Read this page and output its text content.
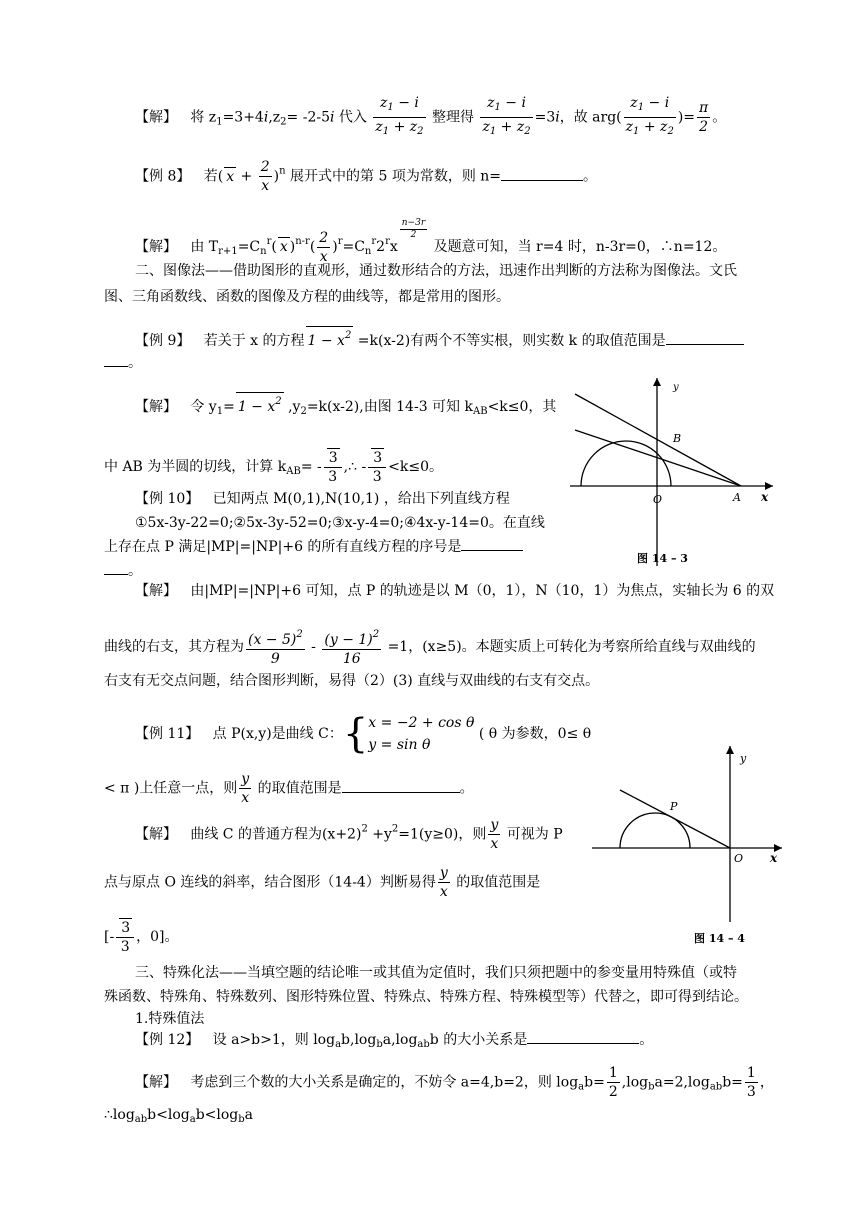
【解】 将 $z_1=3+4i,z_2= -2-5i$ 代入 $\frac{z_1 - i}{z_1 + z_2}$ 整理得 $\frac{z_1 - i}{z_1 + z_2} =3i$，故 $arg( \frac{z_1 - i}{z_1 + z_2}$ )= $\frac{\pi}{2}$ 。
【例 8】 若( $x + \frac{2}{x} )^n$ 展开式中的第 5 项为常数，则 n=	。
【解】 由 $T_{r+1}=C_n^r$( x )$^{n-r}( \frac{2}{x} )^r=C_n^r2^rx$
$\frac{n-3r}{2}$
及题意可知，当 r=4 时，n-3r=0，∴n=12。
二、图像法——借助图形的直观形，通过数形结合的方法，迅速作出判断的方法称为图像法。文氏
图、三角函数线、函数的图像及方程的曲线等，都是常用的图形。
【例 9】 若关于 x 的方程 $1 - x^2 =k(x-2)$有两个不等实根，则实数 k 的取值范围是
。
【解】 令 $y_1= 1 - x^2$ $,y_2=k(x-2)$,由图 14-3 可知 $k_{AB}<k\le 0$，其
中 AB 为半圆的切线，计算 $k_{AB}= - \frac{3}{3}$ ,∴ - $\frac{3}{3} <k\le 0$。
y
x
O	A
B
图 14 – 3
【例 10】 已知两点 M(0,1),N(10,1) ，给出下列直线方程
①5x-3y-22=0;②5x-3y-52=0;③x-y-4=0;④4x-y-14=0。在直线
上存在点 P 满足|MP|=|NP|+6 的所有直线方程的序号是
。
【解】 由|MP|=|NP|+6 可知，点 P 的轨迹是以 M（0，1），N（10，1）为焦点，实轴长为 6 的双
曲线的右支，其方程为 $\frac{(x - 5)^2}{9} - \frac{(y - 1)^2}{16} =1$，(x≥5)。本题实质上可转化为考察所给直线与双曲线的
右支有无交点问题，结合图形判断，易得（2）(3) 直线与双曲线的右支有交点。
【例 11】 点 P(x,y)是曲线 C：{ x = −2 + cos θ
y = sin θ
( θ 为参数，0≤ θ
< π )上任意一点，则 $\frac{y}{x}$ 的取值范围是	。
【解】 曲线 C 的普通方程为$(x+2)^2 +y^2=1(y\ge 0)$，则 $\frac{y}{x}$ 可视为 P
点与原点 O 连线的斜率，结合图形（14-4）判断易得 $\frac{y}{x}$ 的取值范围是
[- $\frac{3}{3}$ ，0]。
y
x
O
P
图 14 – 4
三、特殊化法——当填空题的结论唯一或其值为定值时，我们只须把题中的参变量用特殊值（或特
殊函数、特殊角、特殊数列、图形特殊位置、特殊点、特殊方程、特殊模型等）代替之，即可得到结论。
1.特殊值法
【例 12】 设 a>b>1，则 $\log_ab,\log_ba,\log_{ab}b$ 的大小关系是	。
【解】 考虑到三个数的大小关系是确定的，不妨令 a=4,b=2，则 $\log_ab= \frac{1}{2} ,\log_ba=2,\log_{ab}b= \frac{1}{3}$ ，
$\therefore\log_{ab}b<\log_ab<\log_ba$
